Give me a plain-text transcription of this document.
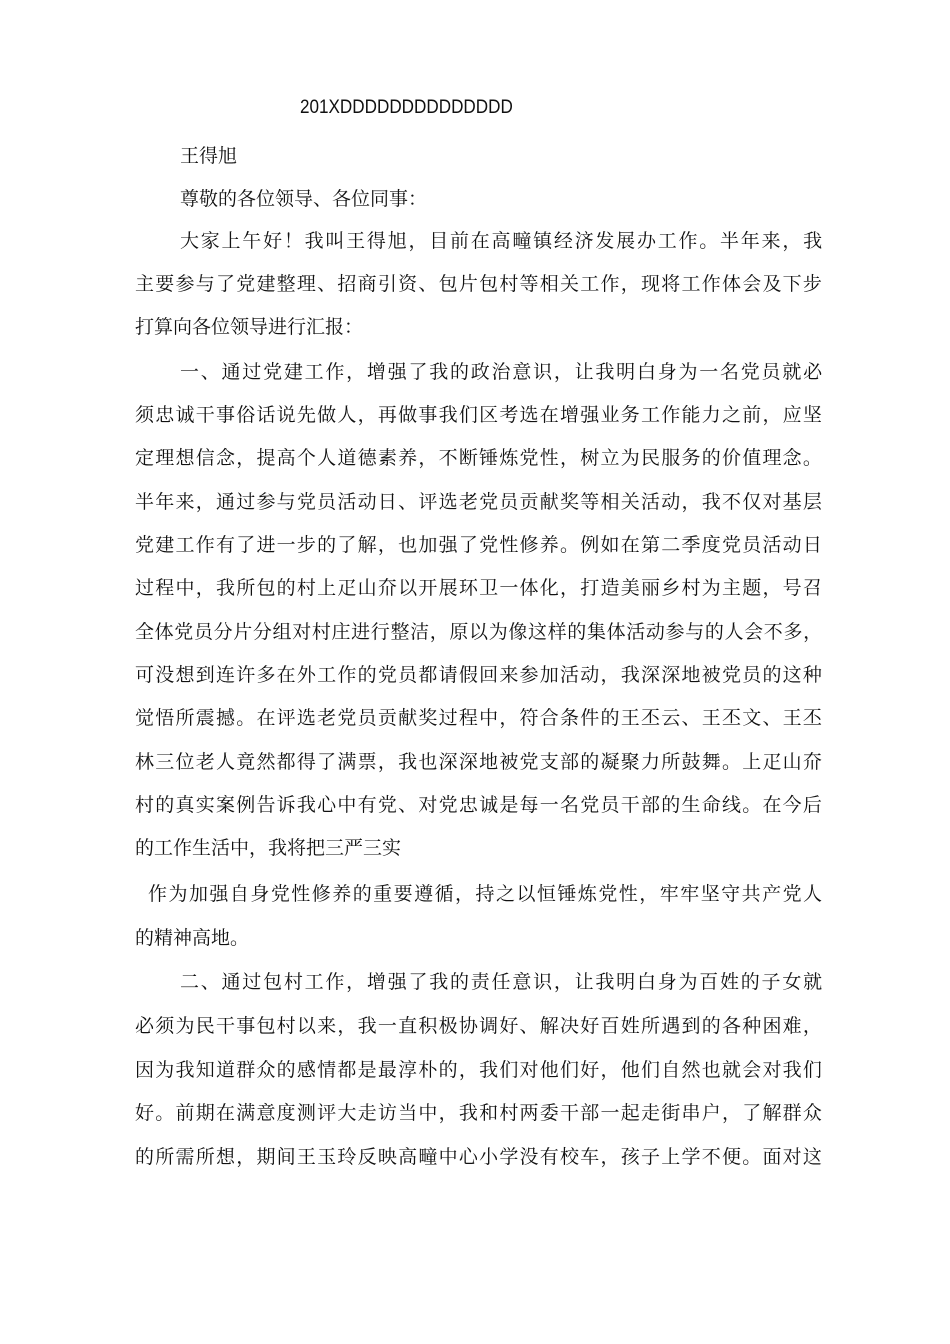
201XDDDDDDDDDDDDDD
王得旭
尊敬的各位领导、各位同事：
大家上午好！我叫王得旭，目前在高疃镇经济发展办工作。半年来，我
主要参与了党建整理、招商引资、包片包村等相关工作，现将工作体会及下步
打算向各位领导进行汇报：
一、通过党建工作，增强了我的政治意识，让我明白身为一名党员就必
须忠诚干事俗话说先做人，再做事我们区考选在增强业务工作能力之前，应坚
定理想信念，提高个人道德素养，不断锤炼党性，树立为民服务的价值理念。
半年来，通过参与党员活动日、评选老党员贡献奖等相关活动，我不仅对基层
党建工作有了进一步的了解，也加强了党性修养。例如在第二季度党员活动日
过程中，我所包的村上疋山夼以开展环卫一体化，打造美丽乡村为主题，号召
全体党员分片分组对村庄进行整洁，原以为像这样的集体活动参与的人会不多，
可没想到连许多在外工作的党员都请假回来参加活动，我深深地被党员的这种
觉悟所震撼。在评选老党员贡献奖过程中，符合条件的王丕云、王丕文、王丕
林三位老人竟然都得了满票，我也深深地被党支部的凝聚力所鼓舞。上疋山夼
村的真实案例告诉我心中有党、对党忠诚是每一名党员干部的生命线。在今后
的工作生活中，我将把三严三实
作为加强自身党性修养的重要遵循，持之以恒锤炼党性，牢牢坚守共产党人
的精神高地。
二、通过包村工作，增强了我的责任意识，让我明白身为百姓的子女就
必须为民干事包村以来，我一直积极协调好、解决好百姓所遇到的各种困难，
因为我知道群众的感情都是最淳朴的，我们对他们好，他们自然也就会对我们
好。前期在满意度测评大走访当中，我和村两委干部一起走街串户，了解群众
的所需所想，期间王玉玲反映高疃中心小学没有校车，孩子上学不便。面对这
